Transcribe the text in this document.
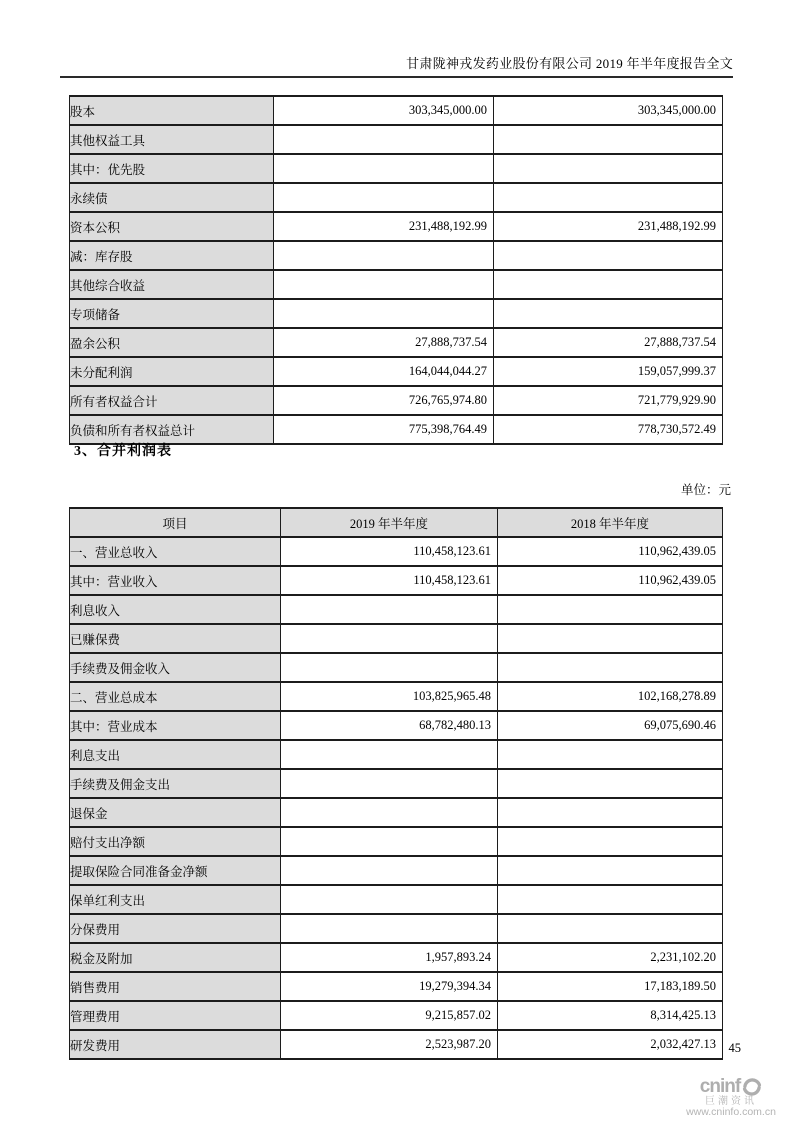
甘肃陇神戎发药业股份有限公司 2019 年半年度报告全文
股本	303,345,000.00	303,345,000.00
其他权益工具		
其中：优先股		
永续债		
资本公积	231,488,192.99	231,488,192.99
减：库存股		
其他综合收益		
专项储备		
盈余公积	27,888,737.54	27,888,737.54
未分配利润	164,044,044.27	159,057,999.37
所有者权益合计	726,765,974.80	721,779,929.90
负债和所有者权益总计	775,398,764.49	778,730,572.49
3、合并利润表
单位：元
项目	2019 年半年度	2018 年半年度
一、营业总收入	110,458,123.61	110,962,439.05
其中：营业收入	110,458,123.61	110,962,439.05
利息收入		
已赚保费		
手续费及佣金收入		
二、营业总成本	103,825,965.48	102,168,278.89
其中：营业成本	68,782,480.13	69,075,690.46
利息支出		
手续费及佣金支出		
退保金		
赔付支出净额		
提取保险合同准备金净额		
保单红利支出		
分保费用		
税金及附加	1,957,893.24	2,231,102.20
销售费用	19,279,394.34	17,183,189.50
管理费用	9,215,857.02	8,314,425.13
研发费用	2,523,987.20	2,032,427.13 45
cninf
巨潮资讯
www.cninfo.com.cn
